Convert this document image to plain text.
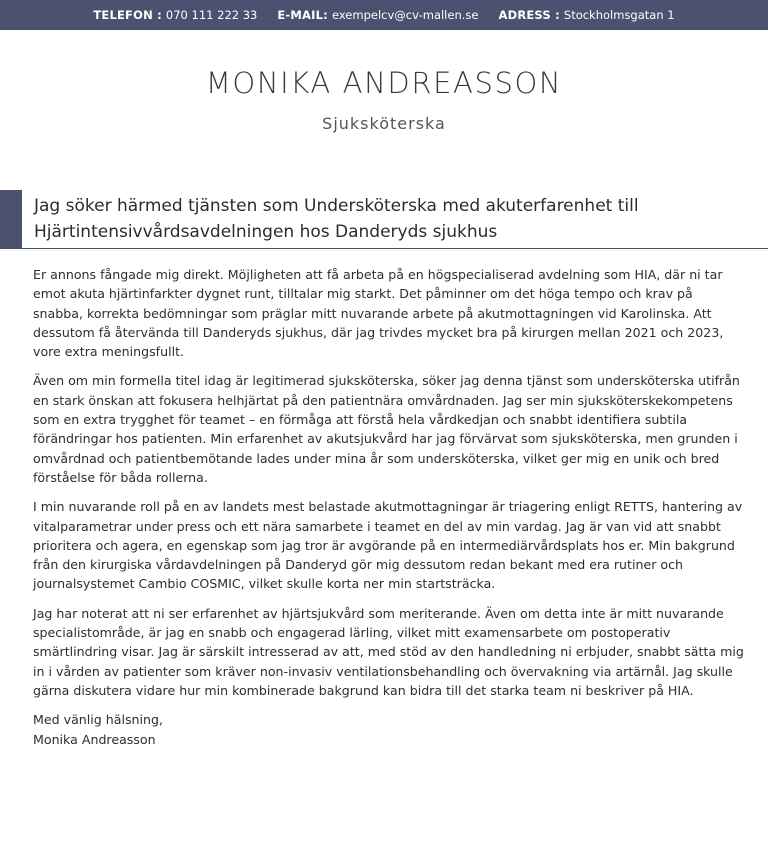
TELEFON : 070 111 222 33 E-MAIL: exempelcv@cv-mallen.se ADRESS : Stockholmsgatan 1
MONIKA ANDREASSON
Sjuksköterska
Jag söker härmed tjänsten som Undersköterska med akuterfarenhet till
Hjärtintensivvårdsavdelningen hos Danderyds sjukhus

Er annons fångade mig direkt. Möjligheten att få arbeta på en högspecialiserad avdelning som HIA, där ni tar emot akuta hjärtinfarkter dygnet runt, tilltalar mig starkt. Det påminner om det höga tempo och krav på snabba, korrekta bedömningar som präglar mitt nuvarande arbete på akutmottagningen vid Karolinska. Att dessutom få återvända till Danderyds sjukhus, där jag trivdes mycket bra på kirurgen mellan 2021 och 2023, vore extra meningsfullt.

Även om min formella titel idag är legitimerad sjuksköterska, söker jag denna tjänst som undersköterska utifrån en stark önskan att fokusera helhjärtat på den patientnära omvårdnaden. Jag ser min sjuksköterskekompetens som en extra trygghet för teamet – en förmåga att förstå hela vårdkedjan och snabbt identifiera subtila förändringar hos patienten. Min erfarenhet av akutsjukvård har jag förvärvat som sjuksköterska, men grunden i omvårdnad och patientbemötande lades under mina år som undersköterska, vilket ger mig en unik och bred förståelse för båda rollerna.

I min nuvarande roll på en av landets mest belastade akutmottagningar är triagering enligt RETTS, hantering av vitalparametrar under press och ett nära samarbete i teamet en del av min vardag. Jag är van vid att snabbt prioritera och agera, en egenskap som jag tror är avgörande på en intermediärvårdsplats hos er. Min bakgrund från den kirurgiska vårdavdelningen på Danderyd gör mig dessutom redan bekant med era rutiner och journalsystemet Cambio COSMIC, vilket skulle korta ner min startsträcka.

Jag har noterat att ni ser erfarenhet av hjärtsjukvård som meriterande. Även om detta inte är mitt nuvarande specialistområde, är jag en snabb och engagerad lärling, vilket mitt examensarbete om postoperativ smärtlindring visar. Jag är särskilt intresserad av att, med stöd av den handledning ni erbjuder, snabbt sätta mig in i vården av patienter som kräver non-invasiv ventilationsbehandling och övervakning via artärnål. Jag skulle gärna diskutera vidare hur min kombinerade bakgrund kan bidra till det starka team ni beskriver på HIA.

Med vänlig hälsning,
Monika Andreasson
